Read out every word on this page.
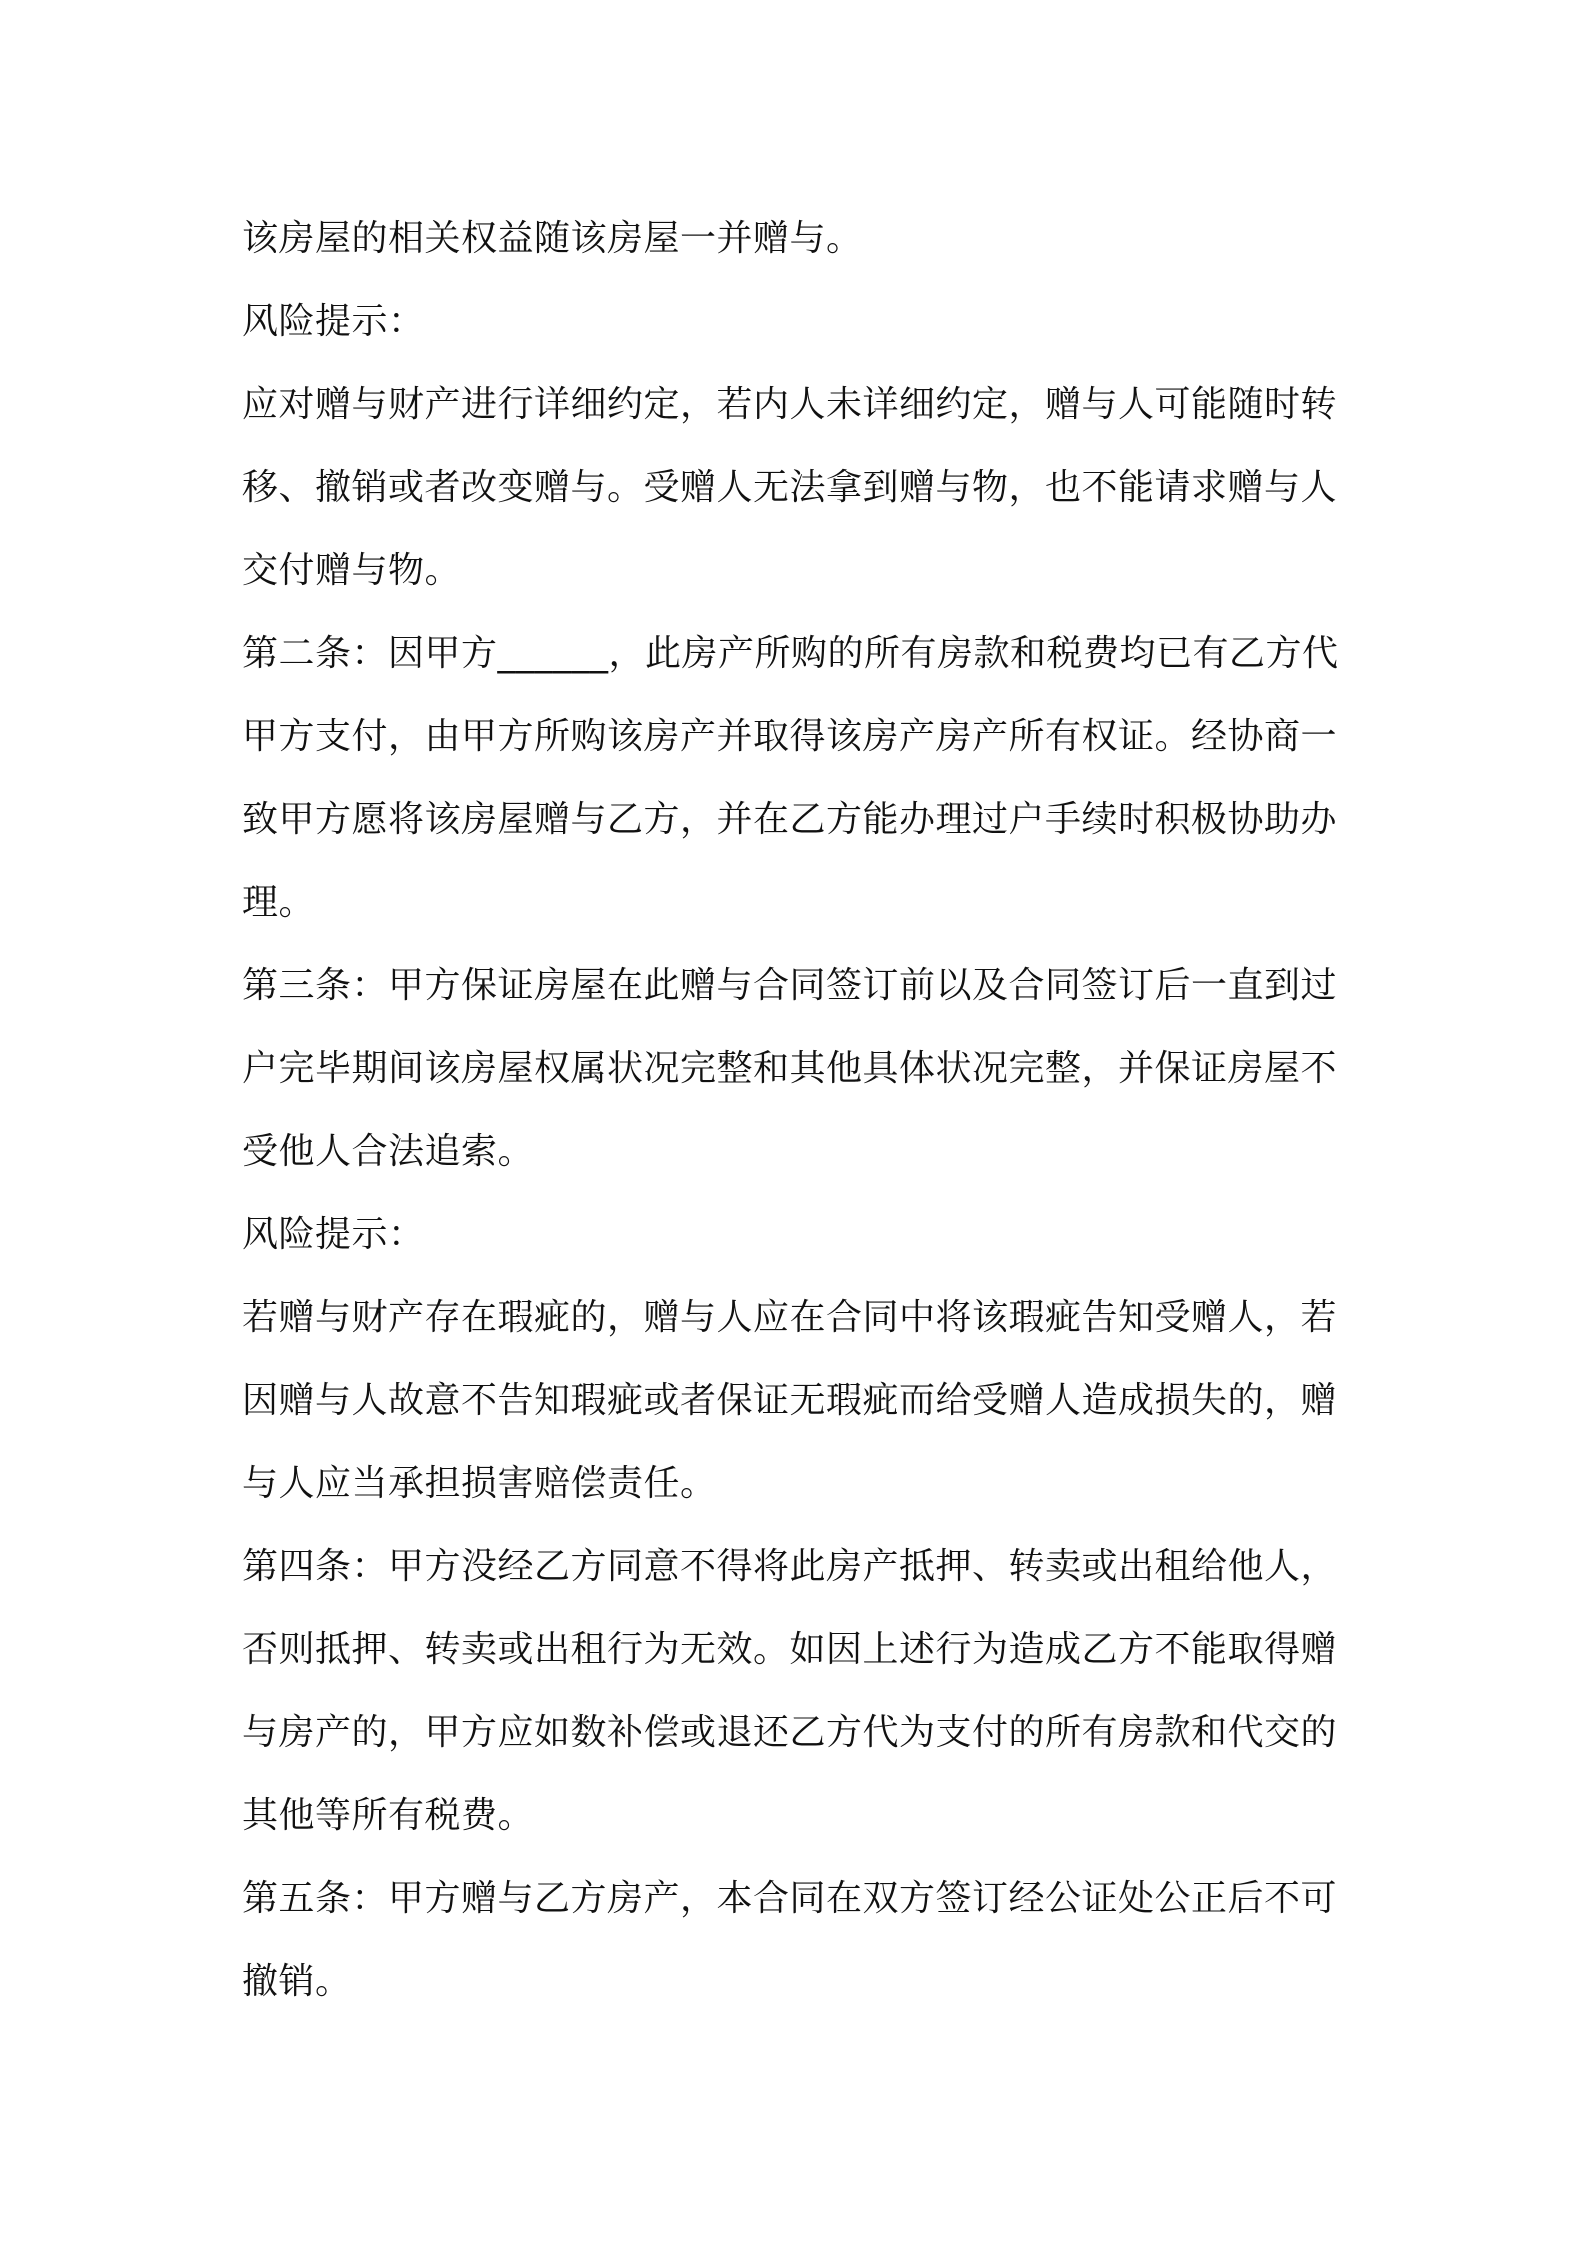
该房屋的相关权益随该房屋一并赠与。
风险提示：
应对赠与财产进行详细约定，若内人未详细约定，赠与人可能随时转
移、撤销或者改变赠与。受赠人无法拿到赠与物，也不能请求赠与人
交付赠与物。
第二条：因甲方______，此房产所购的所有房款和税费均已有乙方代
甲方支付，由甲方所购该房产并取得该房产房产所有权证。经协商一
致甲方愿将该房屋赠与乙方，并在乙方能办理过户手续时积极协助办
理。
第三条：甲方保证房屋在此赠与合同签订前以及合同签订后一直到过
户完毕期间该房屋权属状况完整和其他具体状况完整，并保证房屋不
受他人合法追索。
风险提示：
若赠与财产存在瑕疵的，赠与人应在合同中将该瑕疵告知受赠人，若
因赠与人故意不告知瑕疵或者保证无瑕疵而给受赠人造成损失的，赠
与人应当承担损害赔偿责任。
第四条：甲方没经乙方同意不得将此房产抵押、转卖或出租给他人，
否则抵押、转卖或出租行为无效。如因上述行为造成乙方不能取得赠
与房产的，甲方应如数补偿或退还乙方代为支付的所有房款和代交的
其他等所有税费。
第五条：甲方赠与乙方房产，本合同在双方签订经公证处公正后不可
撤销。
